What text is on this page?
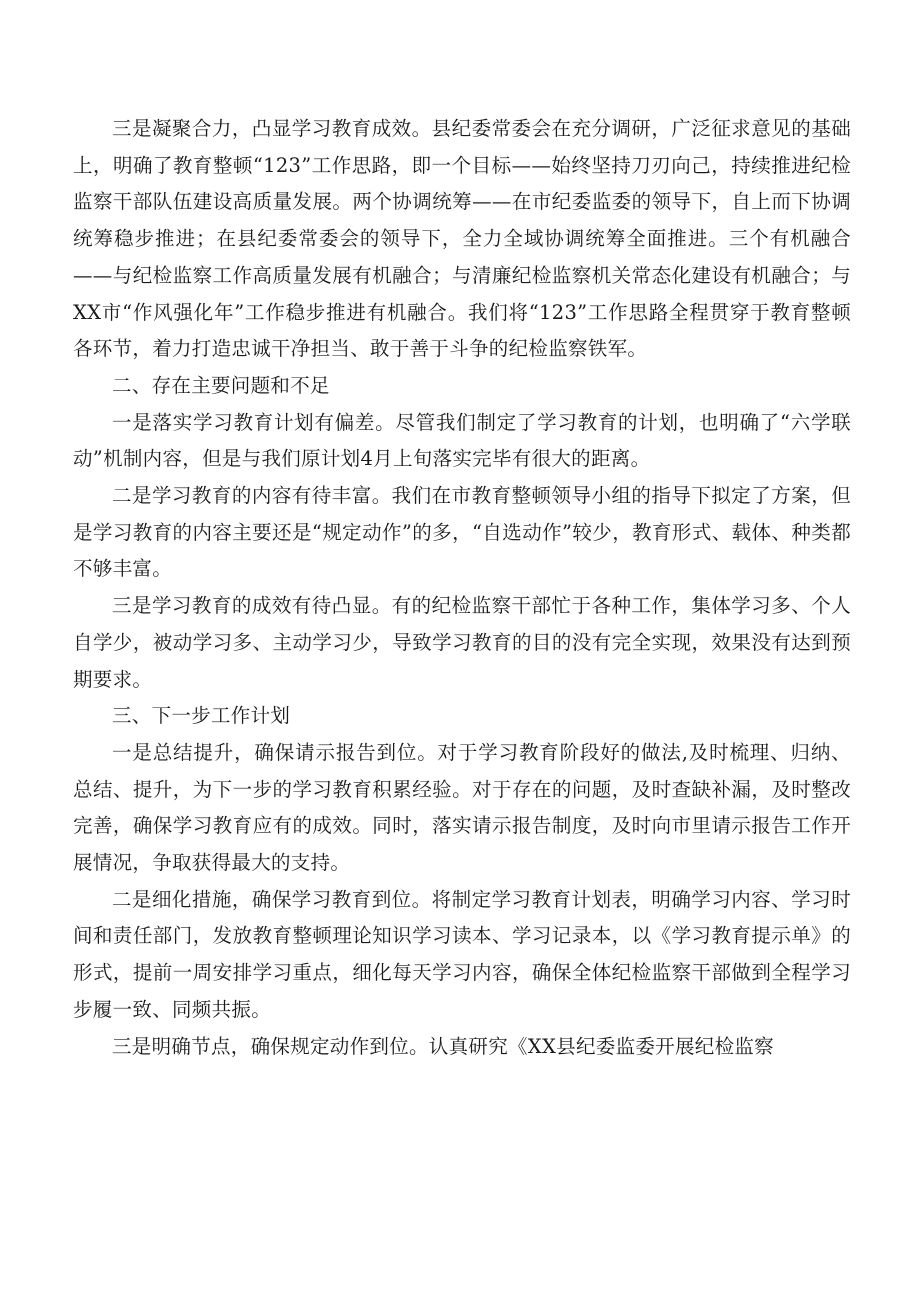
三是凝聚合力，凸显学习教育成效。县纪委常委会在充分调研，广泛征求意见的基础上，明确了教育整顿“123”工作思路，即一个目标——始终坚持刀刃向己，持续推进纪检监察干部队伍建设高质量发展。两个协调统筹——在市纪委监委的领导下，自上而下协调统筹稳步推进；在县纪委常委会的领导下，全力全域协调统筹全面推进。三个有机融合——与纪检监察工作高质量发展有机融合；与清廉纪检监察机关常态化建设有机融合；与XX市“作风强化年”工作稳步推进有机融合。我们将“123”工作思路全程贯穿于教育整顿各环节，着力打造忠诚干净担当、敢于善于斗争的纪检监察铁军。

二、存在主要问题和不足

一是落实学习教育计划有偏差。尽管我们制定了学习教育的计划，也明确了“六学联动”机制内容，但是与我们原计划4月上旬落实完毕有很大的距离。

二是学习教育的内容有待丰富。我们在市教育整顿领导小组的指导下拟定了方案，但是学习教育的内容主要还是“规定动作”的多，“自选动作”较少，教育形式、载体、种类都不够丰富。

三是学习教育的成效有待凸显。有的纪检监察干部忙于各种工作，集体学习多、个人自学少，被动学习多、主动学习少，导致学习教育的目的没有完全实现，效果没有达到预期要求。

三、下一步工作计划

一是总结提升，确保请示报告到位。对于学习教育阶段好的做法,及时梳理、归纳、总结、提升，为下一步的学习教育积累经验。对于存在的问题，及时查缺补漏，及时整改完善，确保学习教育应有的成效。同时，落实请示报告制度，及时向市里请示报告工作开展情况，争取获得最大的支持。

二是细化措施，确保学习教育到位。将制定学习教育计划表，明确学习内容、学习时间和责任部门，发放教育整顿理论知识学习读本、学习记录本，以《学习教育提示单》的形式，提前一周安排学习重点，细化每天学习内容，确保全体纪检监察干部做到全程学习步履一致、同频共振。

三是明确节点，确保规定动作到位。认真研究《XX县纪委监委开展纪检监察
